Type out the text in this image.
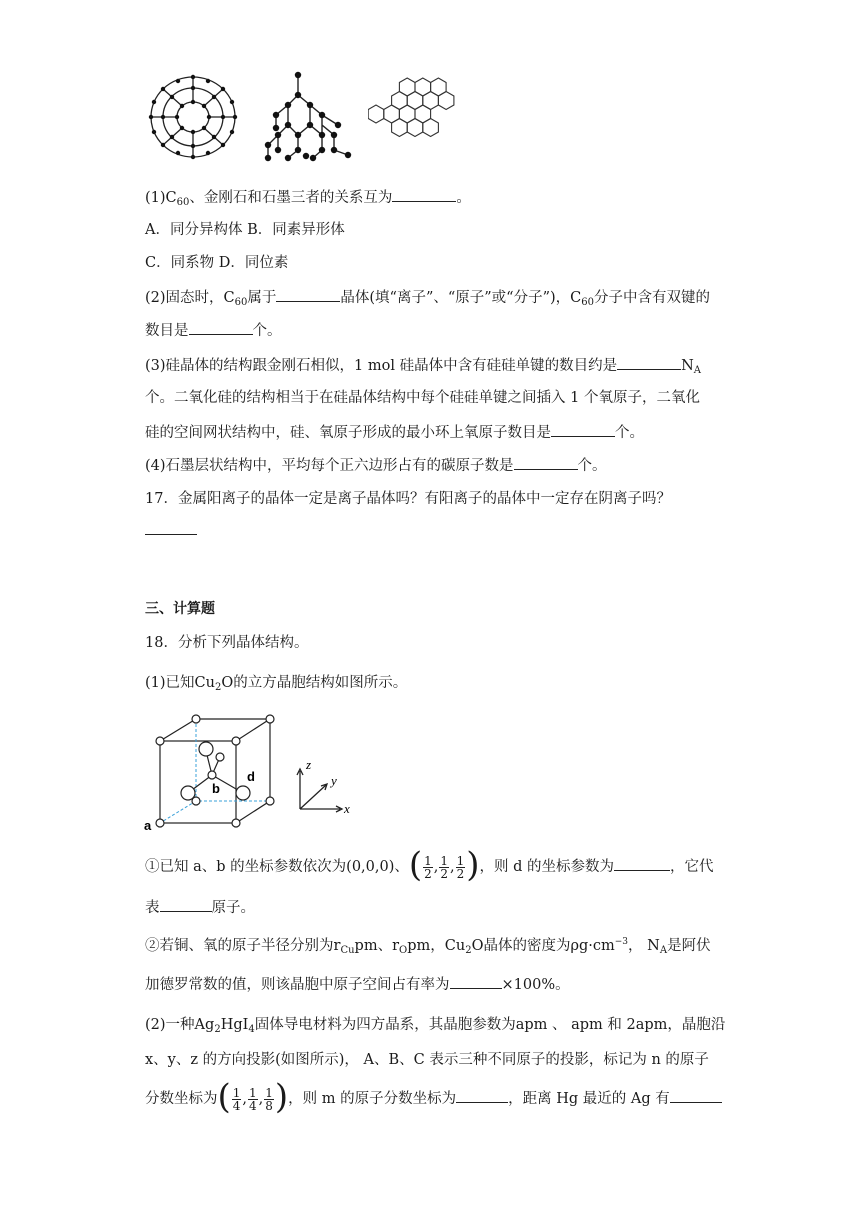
$(1)C_{60}$、金刚石和石墨三者的关系互为	。
A．同分异构体 B．同素异形体
C．同系物 D．同位素
(2)固态时，$C_{60}$属于	晶体(填“离子”、“原子”或“分子”)，$C_{60}$分子中含有双键的
数目是	个。
(3)硅晶体的结构跟金刚石相似，1 mol 硅晶体中含有硅硅单键的数目约是	$N_A$
个。二氧化硅的结构相当于在硅晶体结构中每个硅硅单键之间插入 1 个氧原子，二氧化
硅的空间网状结构中，硅、氧原子形成的最小环上氧原子数目是	个。
(4)石墨层状结构中，平均每个正六边形占有的碳原子数是	个。
17．金属阳离子的晶体一定是离子晶体吗？有阳离子的晶体中一定存在阴离子吗？
三、计算题
18．分析下列晶体结构。
(1)已知$Cu_2O$的立方晶胞结构如图所示。
a
b
d
z
y
x
①已知 a、b 的坐标参数依次为(0,0,0)、( $\frac{1}{2}$ , $\frac{1}{2}$ , $\frac{1}{2}$ )，则 d 的坐标参数为	，它代
表	原子。
②若铜、氧的原子半径分别为$r_{Cu}pm$、$r_Opm$，$Cu_2O$晶体的密度为$\rho g\cdot cm^{-3}$， $N_A$是阿伏
加德罗常数的值，则该晶胞中原子空间占有率为	×100%。
(2)一种$Ag_2HgI_4$固体导电材料为四方晶系，其晶胞参数为apm 、 apm 和 2apm，晶胞沿
x、y、z 的方向投影(如图所示)， A、B、C 表示三种不同原子的投影，标记为 n 的原子
分数坐标为( $\frac{1}{4}$ , $\frac{1}{4}$ , $\frac{1}{8}$ )，则 m 的原子分数坐标为	，距离 Hg 最近的 Ag 有
